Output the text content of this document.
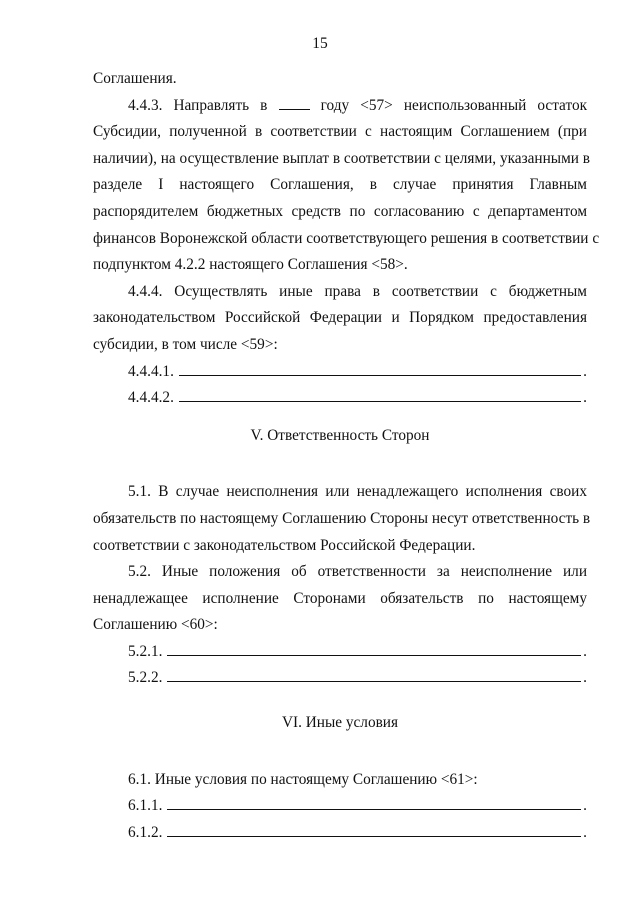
15
Соглашения.
4.4.3. Направлять в	году <57> неиспользованный остаток
Субсидии, полученной в соответствии с настоящим Соглашением (при
наличии), на осуществление выплат в соответствии с целями, указанными в
разделе I настоящего Соглашения, в случае принятия Главным
распорядителем бюджетных средств по согласованию с департаментом
финансов Воронежской области соответствующего решения в соответствии с
подпунктом 4.2.2 настоящего Соглашения <58>.
4.4.4. Осуществлять иные права в соответствии с бюджетным
законодательством Российской Федерации и Порядком предоставления
субсидии, в том числе <59>:
4.4.4.1.	.
4.4.4.2.	.
V. Ответственность Сторон
5.1. В случае неисполнения или ненадлежащего исполнения своих
обязательств по настоящему Соглашению Стороны несут ответственность в
соответствии с законодательством Российской Федерации.
5.2. Иные положения об ответственности за неисполнение или
ненадлежащее исполнение Сторонами обязательств по настоящему
Соглашению <60>:
5.2.1.	.
5.2.2.	.
VI. Иные условия
6.1. Иные условия по настоящему Соглашению <61>:
6.1.1.	.
6.1.2.	.
